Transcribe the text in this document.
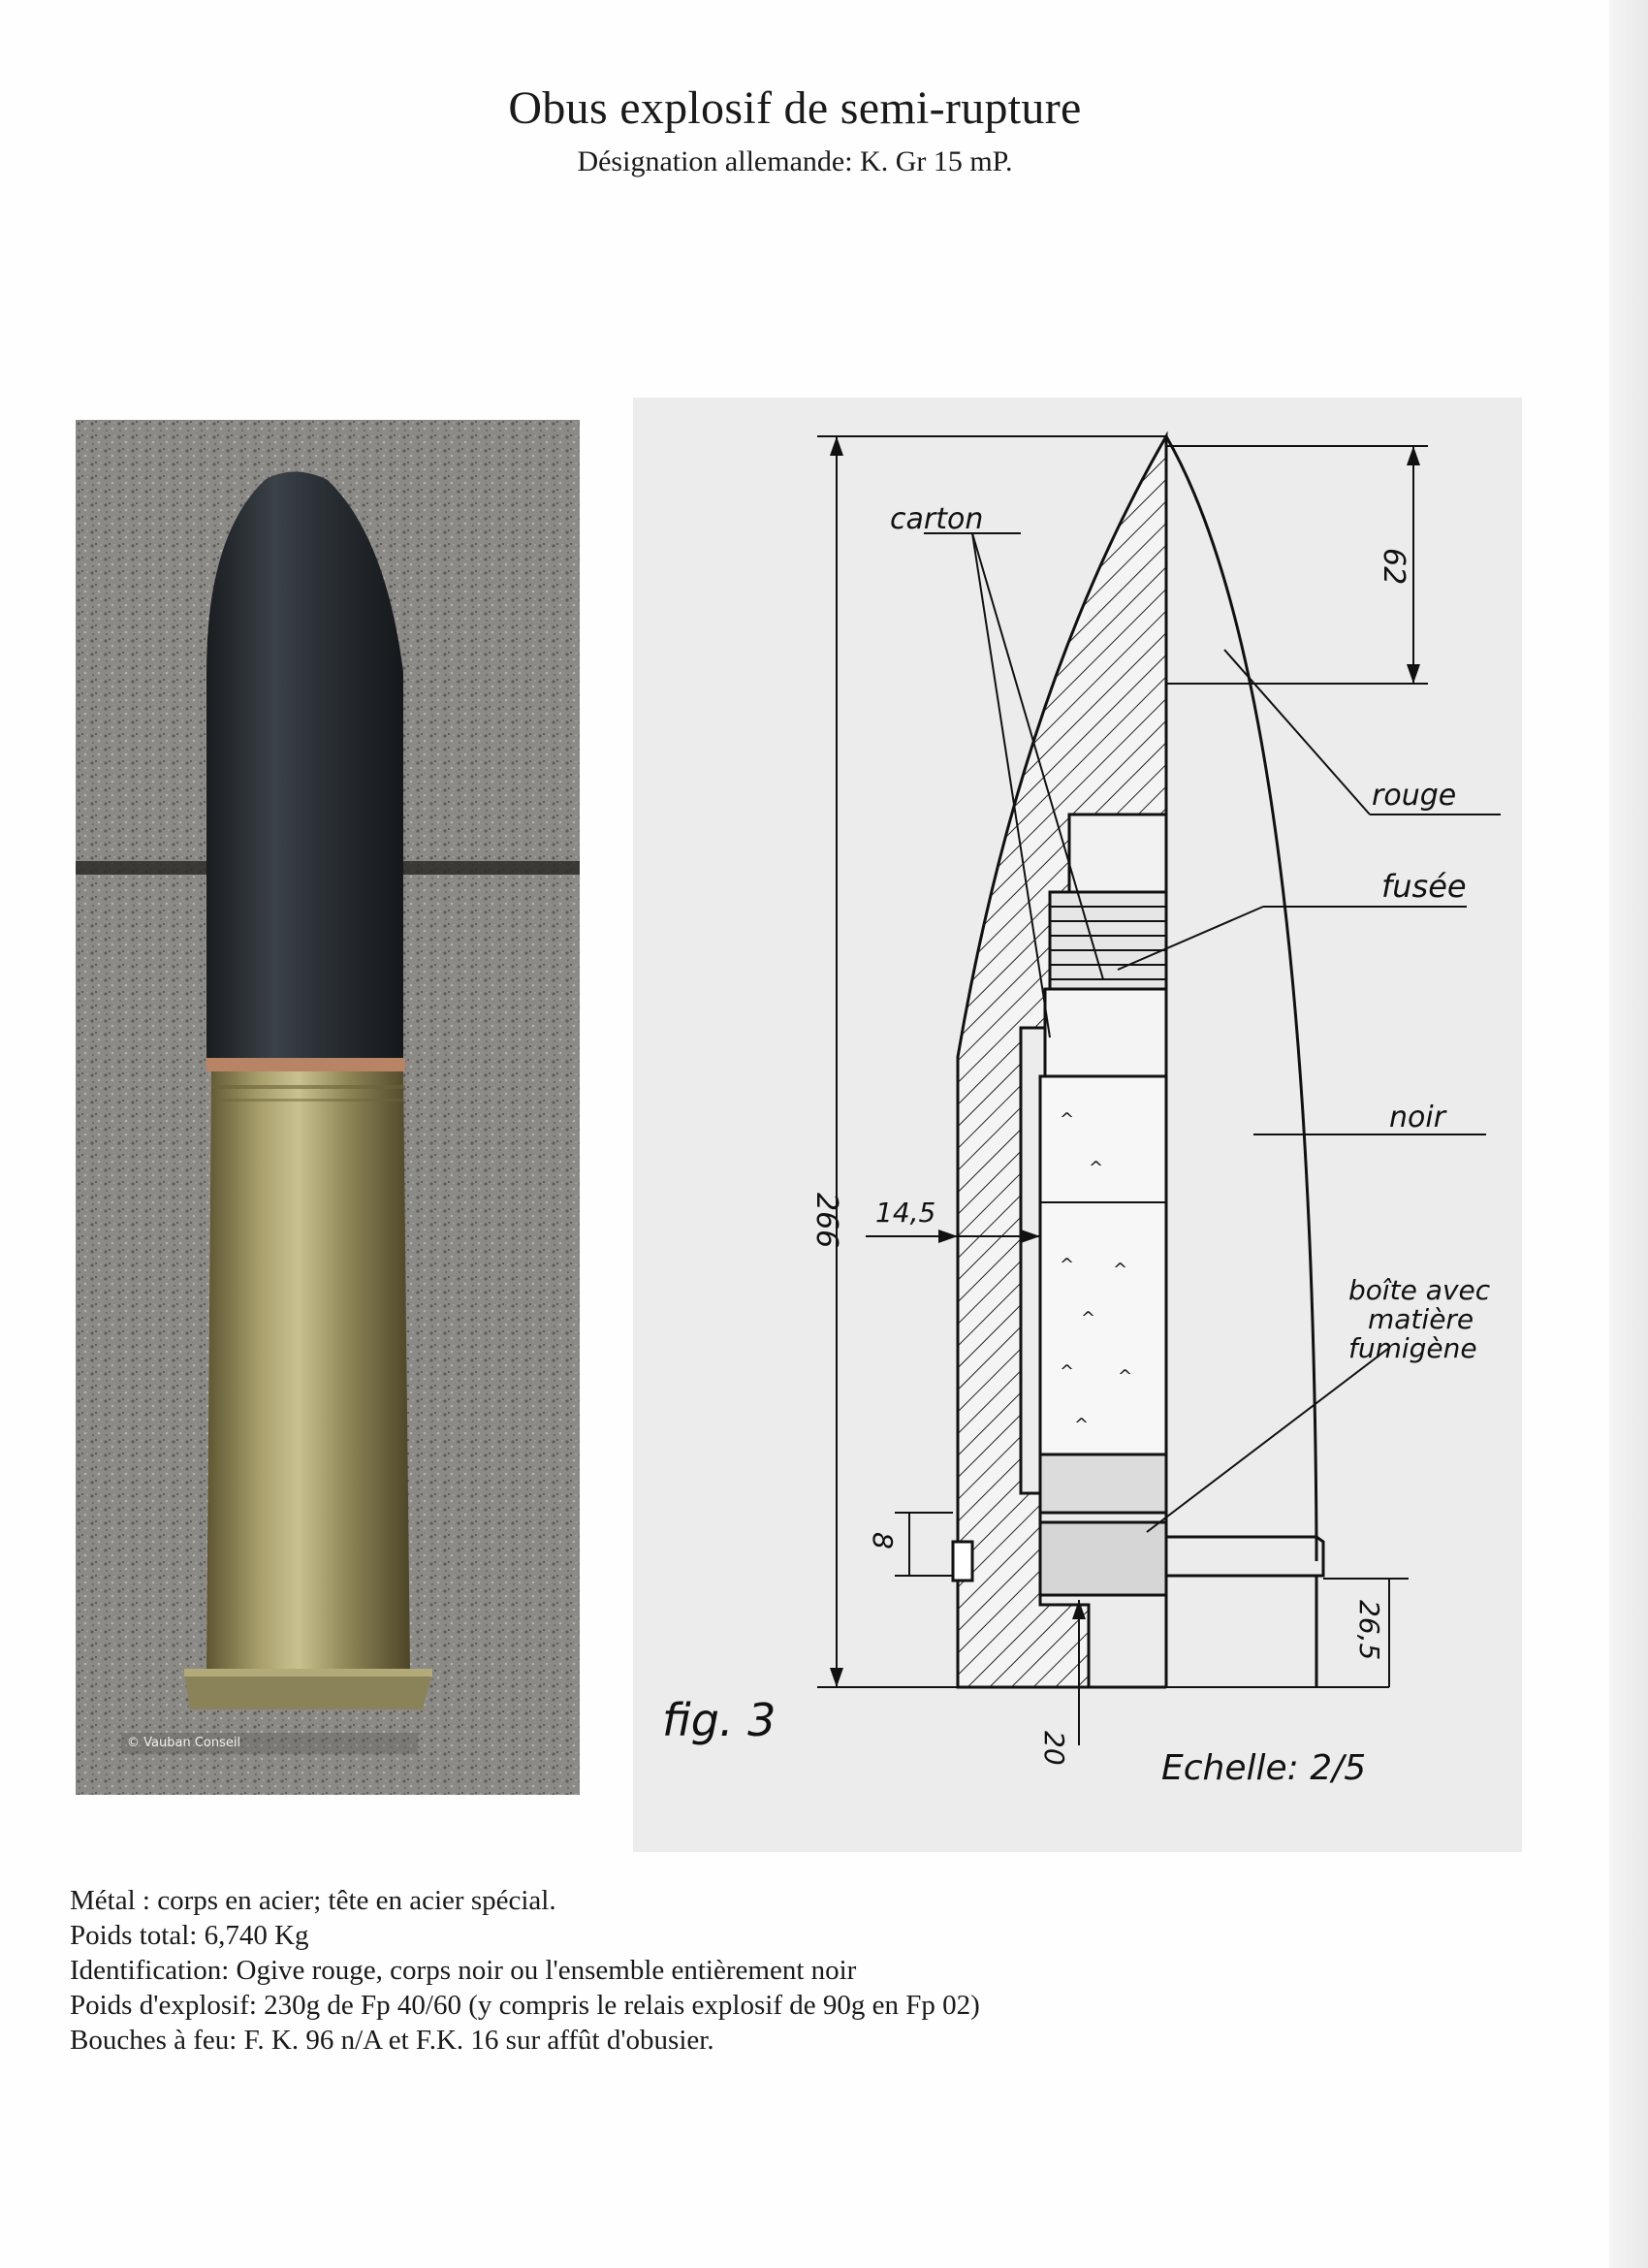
Obus explosif de semi-rupture
Désignation allemande: K. Gr 15 mP.
© Vauban Conseil
^
^
^ ^
^
^ ^
^
carton
rouge
fusée
noir
boîte avec
matière
fumigène
fig. 3
Echelle: 2/5
266
62
14,5
8
26,5
20
Métal : corps en acier; tête en acier spécial.
Poids total: 6,740 Kg
Identification: Ogive rouge, corps noir ou l'ensemble entièrement noir
Poids d'explosif: 230g de Fp 40/60 (y compris le relais explosif de 90g en Fp 02)
Bouches à feu: F. K. 96 n/A et F.K. 16 sur affût d'obusier.
